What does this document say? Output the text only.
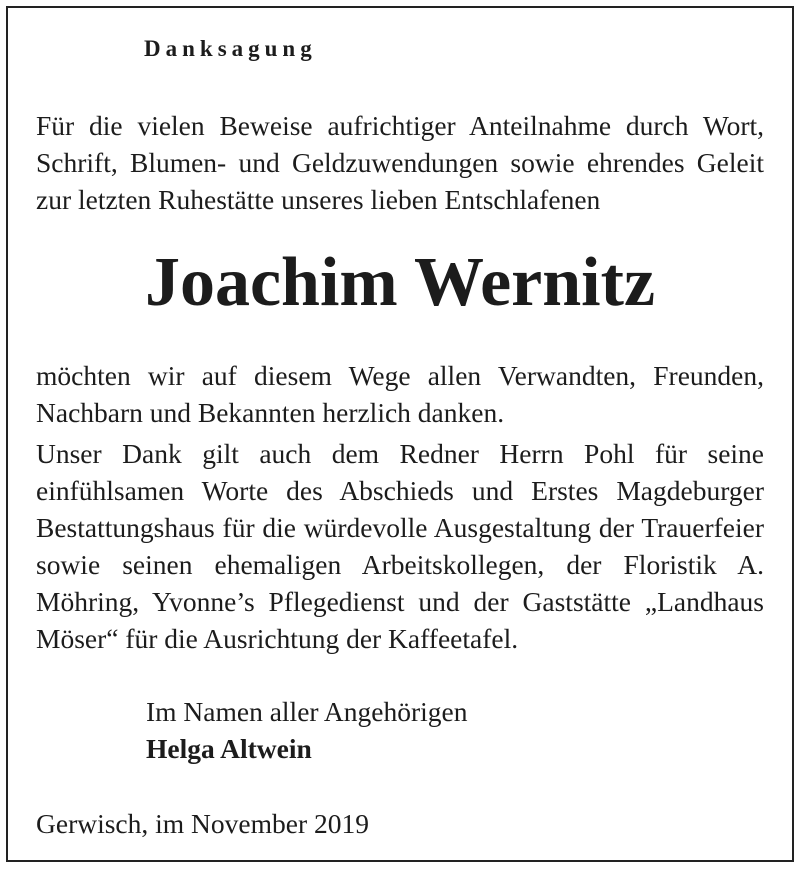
Danksagung
Für die vielen Beweise aufrichtiger Anteilnahme durch Wort, Schrift, Blumen- und Geldzuwendungen sowie ehrendes Geleit zur letzten Ruhestätte unseres lieben Entschlafenen
Joachim Wernitz
möchten wir auf diesem Wege allen Verwandten, Freunden, Nachbarn und Bekannten herzlich danken.
Unser Dank gilt auch dem Redner Herrn Pohl für seine einfühlsamen Worte des Abschieds und Erstes Magdeburger Bestattungshaus für die würdevolle Ausgestaltung der Trauerfeier sowie seinen ehemaligen Arbeitskollegen, der Floristik A. Möhring, Yvonne’s Pflegedienst und der Gaststätte „Landhaus Möser“ für die Ausrichtung der Kaffeetafel.
Im Namen aller Angehörigen
Helga Altwein
Gerwisch, im November 2019
